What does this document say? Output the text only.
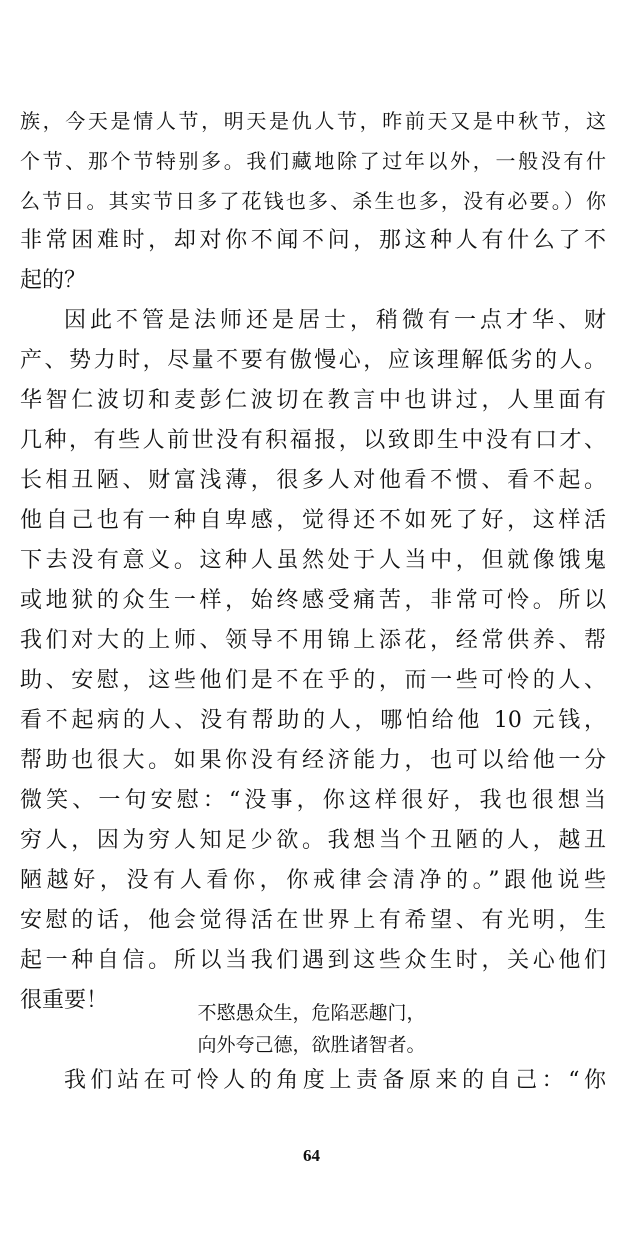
族，今天是情人节，明天是仇人节，昨前天又是中秋节，这
个节、那个节特别多。我们藏地除了过年以外，一般没有什
么节日。其实节日多了花钱也多、杀生也多，没有必要。）你
非常困难时，却对你不闻不问，那这种人有什么了不
起的？
因此不管是法师还是居士，稍微有一点才华、财
产、势力时，尽量不要有傲慢心，应该理解低劣的人。
华智仁波切和麦彭仁波切在教言中也讲过，人里面有
几种，有些人前世没有积福报，以致即生中没有口才、
长相丑陋、财富浅薄，很多人对他看不惯、看不起。
他自己也有一种自卑感，觉得还不如死了好，这样活
下去没有意义。这种人虽然处于人当中，但就像饿鬼
或地狱的众生一样，始终感受痛苦，非常可怜。所以
我们对大的上师、领导不用锦上添花，经常供养、帮
助、安慰，这些他们是不在乎的，而一些可怜的人、
看不起病的人、没有帮助的人，哪怕给他 10 元钱，
帮助也很大。如果你没有经济能力，也可以给他一分
微笑、一句安慰：“没事，你这样很好，我也很想当
穷人，因为穷人知足少欲。我想当个丑陋的人，越丑
陋越好，没有人看你，你戒律会清净的。”跟他说些
安慰的话，他会觉得活在世界上有希望、有光明，生
起一种自信。所以当我们遇到这些众生时，关心他们
很重要！	不愍愚众生，危陷恶趣门，
向外夸己德，欲胜诸智者。
我们站在可怜人的角度上责备原来的自己：“你
64
